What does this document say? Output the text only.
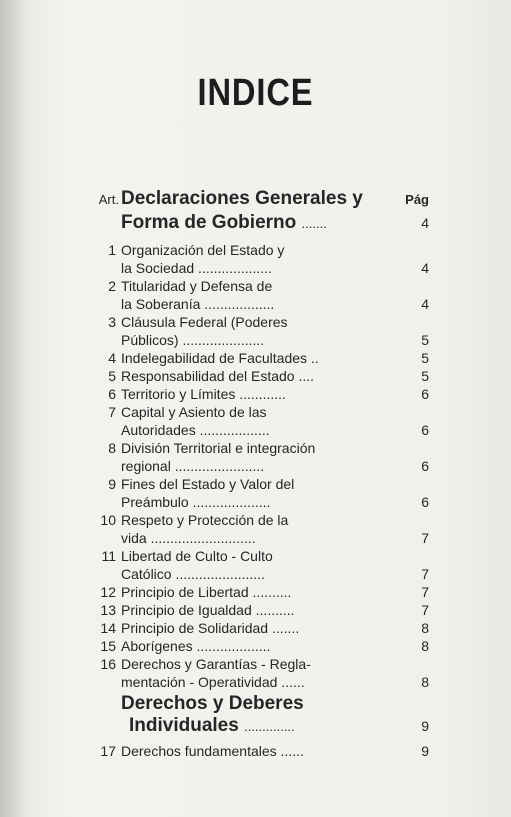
INDICE
Art. Declaraciones Generales y	Pág
Forma de Gobierno .......	4
1 Organización del Estado y
la Sociedad ...................	4
2 Titularidad y Defensa de
la Soberanía ..................	4
3 Cláusula Federal (Poderes
Públicos) .....................	5
4 Indelegabilidad de Facultades ..	5
5 Responsabilidad del Estado ....	5
6 Territorio y Límites ............	6
7 Capital y Asiento de las
Autoridades ..................	6
8 División Territorial e integración
regional .......................	6
9 Fines del Estado y Valor del
Preámbulo ....................	6
10 Respeto y Protección de la
vida ...........................	7
11 Libertad de Culto - Culto
Católico .......................	7
12 Principio de Libertad ..........	7
13 Principio de Igualdad ..........	7
14 Principio de Solidaridad .......	8
15 Aborígenes ...................	8
16 Derechos y Garantías - Regla-
mentación - Operatividad ......	8
Derechos y Deberes
Individuales ..............	9
17 Derechos fundamentales ......	9
